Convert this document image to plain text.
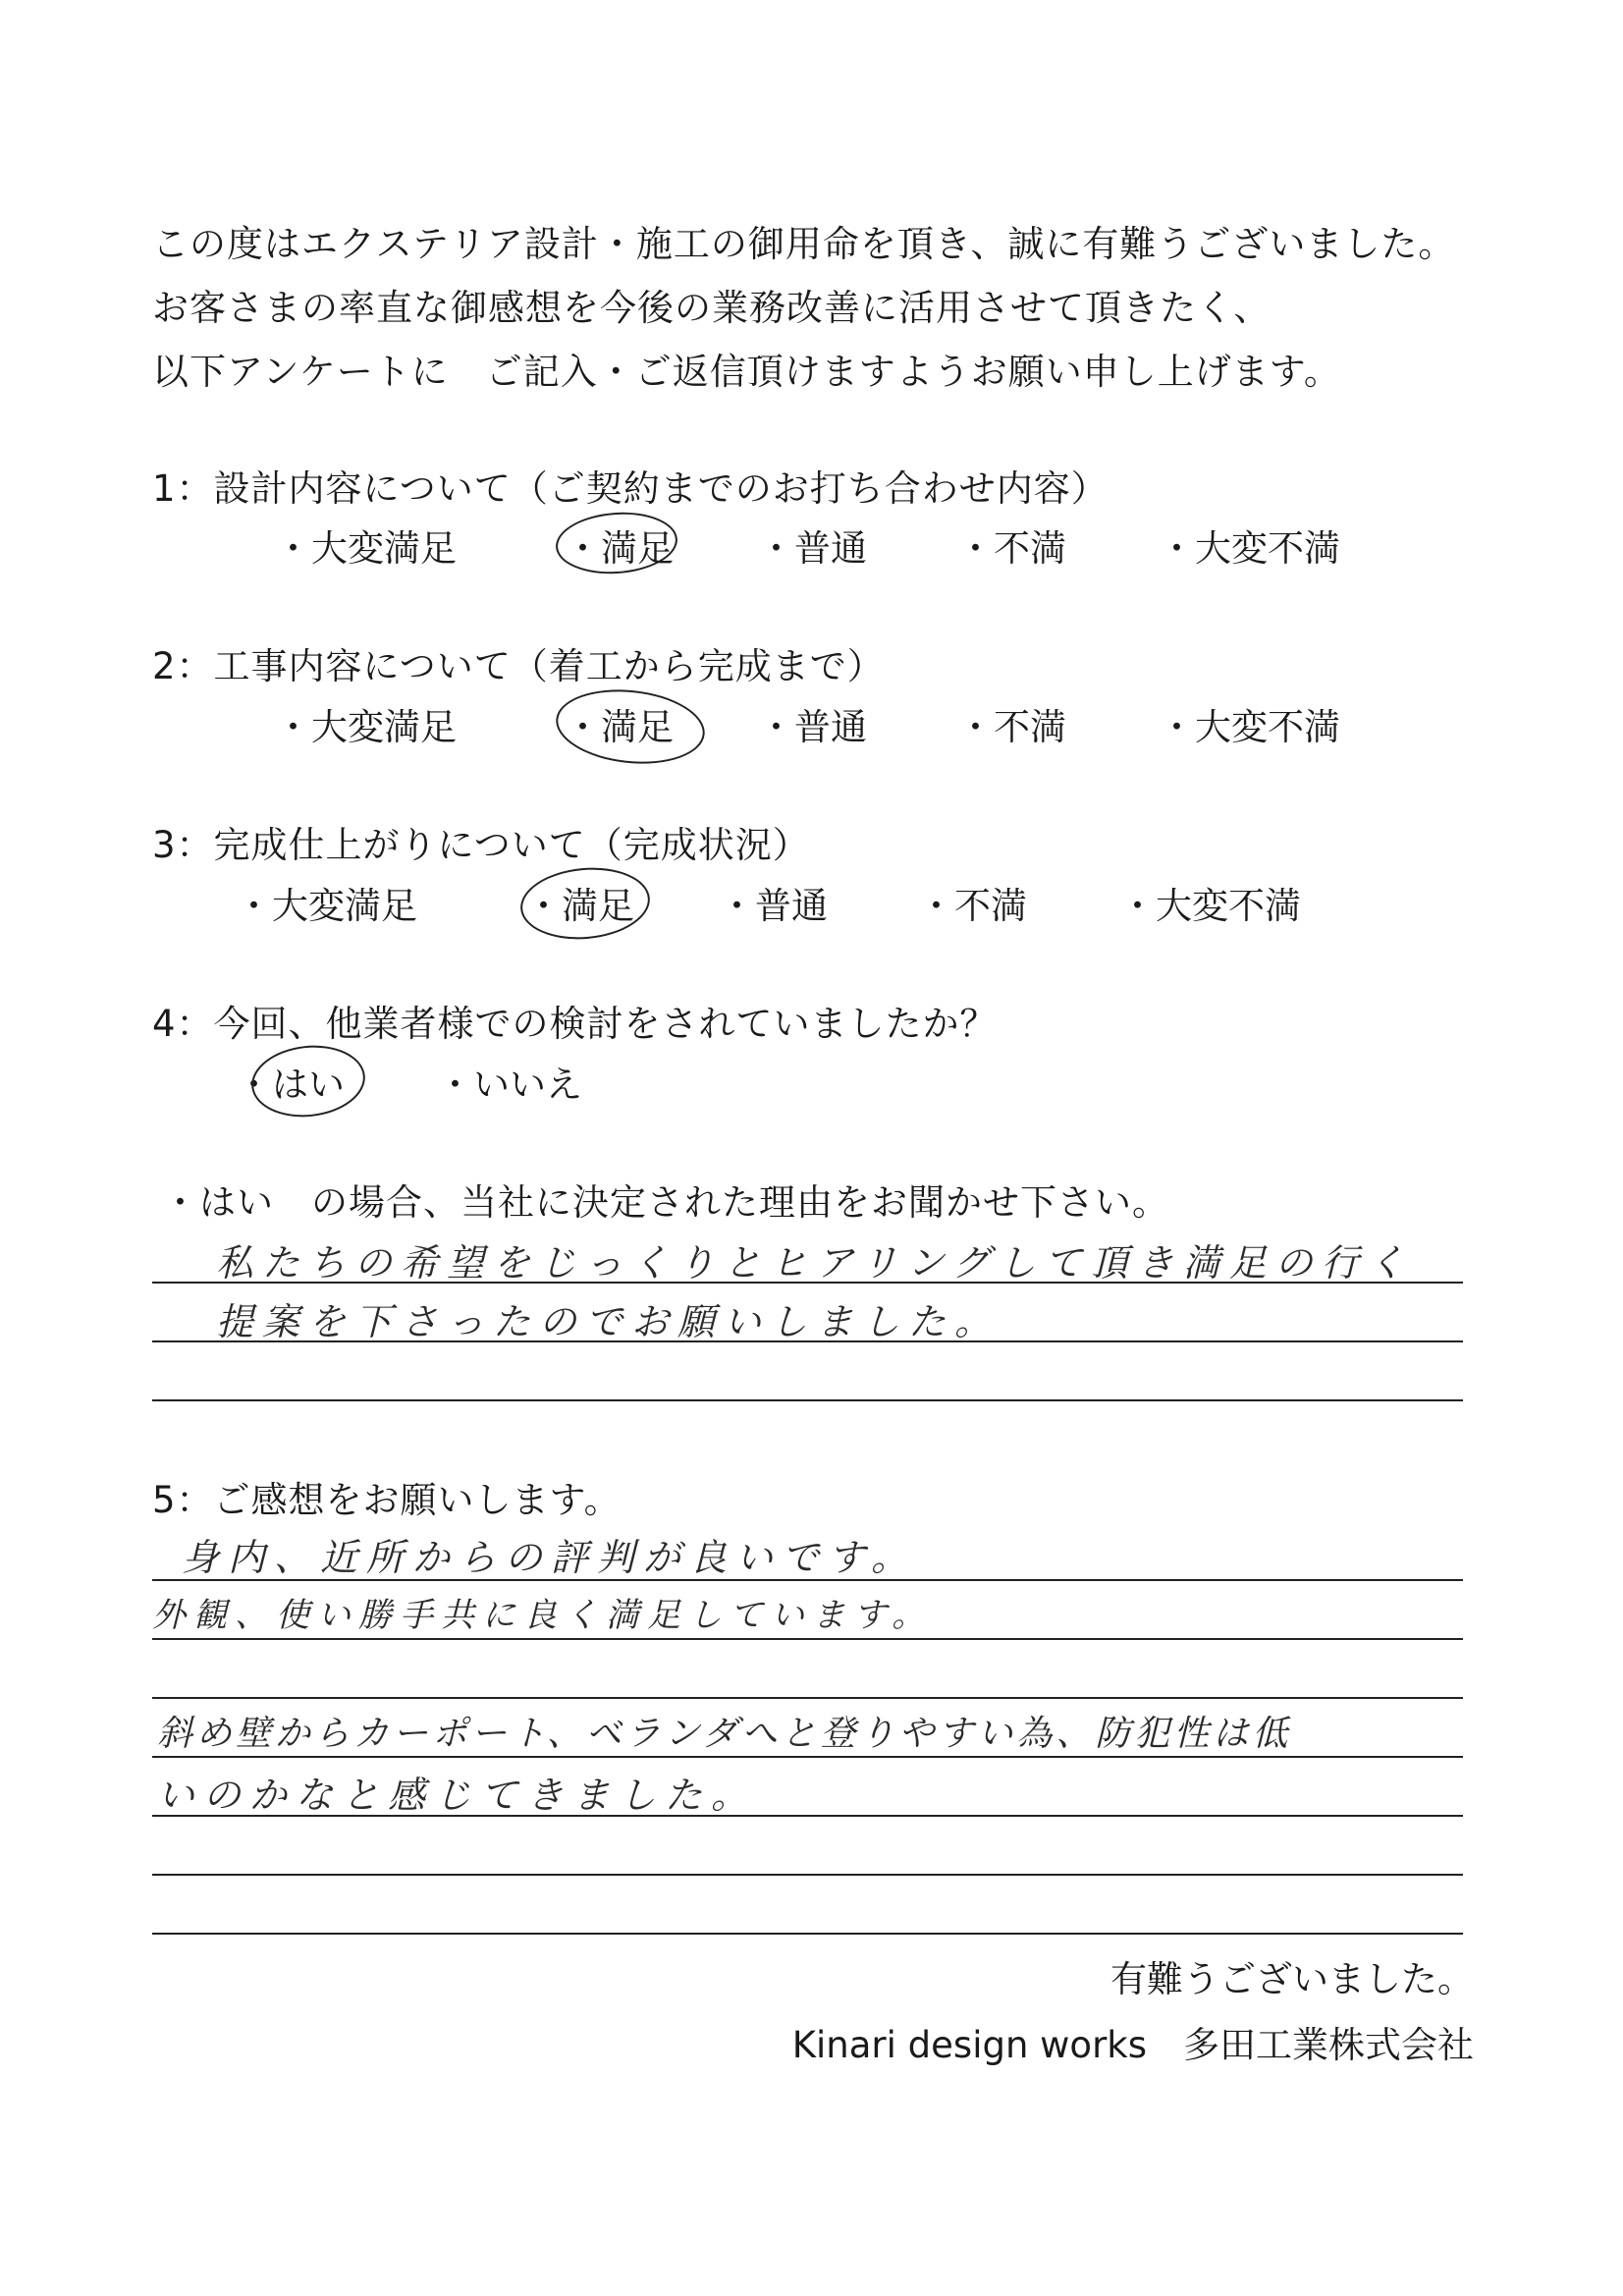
この度はエクステリア設計・施工の御用命を頂き、誠に有難うございました。
お客さまの率直な御感想を今後の業務改善に活用させて頂きたく、
以下アンケートに　ご記入・ご返信頂けますようお願い申し上げます。
1：設計内容について（ご契約までのお打ち合わせ内容）
・大変満足	・満足 ・普通 ・不満	・大変不満
2：工事内容について（着工から完成まで）
・大変満足	・満足 ・普通 ・不満	・大変不満
3：完成仕上がりについて（完成状況）
・大変満足	・満足 ・普通 ・不満	・大変不満
4：今回、他業者様での検討をされていましたか？
・はい	・いいえ
・はい　の場合、当社に決定された理由をお聞かせ下さい。
私たちの希望をじっくりとヒアリングして頂き満足の行く
提案を下さったのでお願いしました。
5：ご感想をお願いします。
身内、近所からの評判が良いです。
外観、使い勝手共に良く満足しています。
斜め壁からカーポート、ベランダへと登りやすい為、防犯性は低
いのかなと感じてきました。
有難うございました。
Kinari design works　多田工業株式会社
